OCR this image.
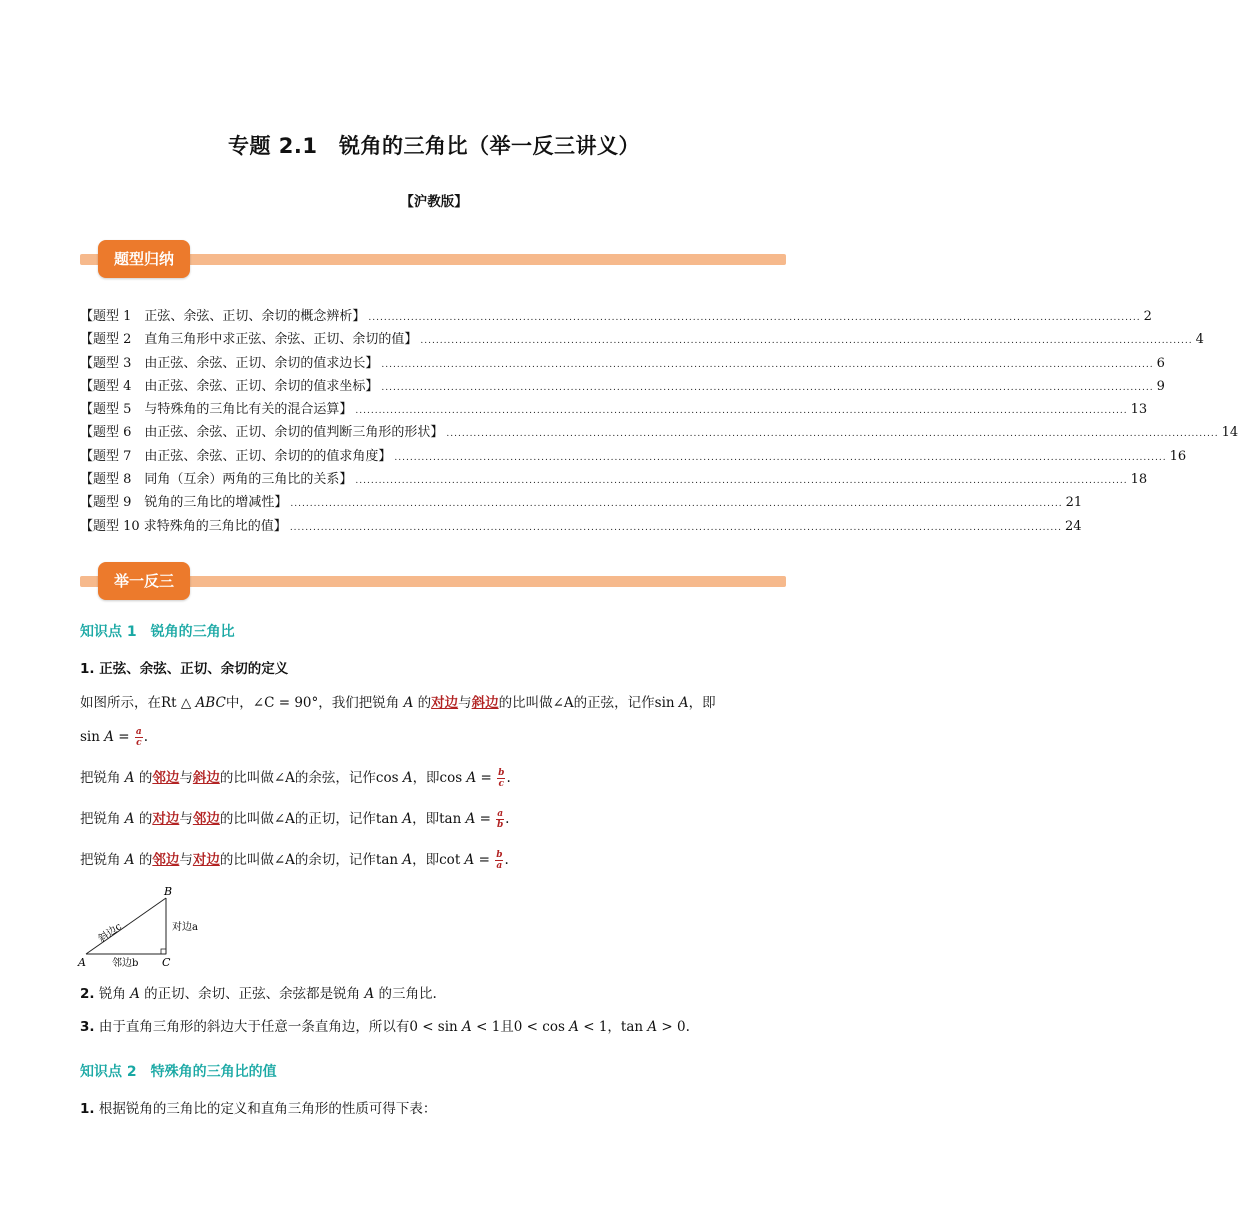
专题 2.1　锐角的三角比（举一反三讲义）
【沪教版】
题型归纳
【题型 1　正弦、余弦、正切、余切的概念辨析】 ........................................................................................................................................................................................................ 2
【题型 2　直角三角形中求正弦、余弦、正切、余切的值】 ........................................................................................................................................................................................................ 4
【题型 3　由正弦、余弦、正切、余切的值求边长】 ........................................................................................................................................................................................................ 6
【题型 4　由正弦、余弦、正切、余切的值求坐标】 ........................................................................................................................................................................................................ 9
【题型 5　与特殊角的三角比有关的混合运算】 ........................................................................................................................................................................................................ 13
【题型 6　由正弦、余弦、正切、余切的值判断三角形的形状】 ........................................................................................................................................................................................................ 14
【题型 7　由正弦、余弦、正切、余切的的值求角度】 ........................................................................................................................................................................................................ 16
【题型 8　同角（互余）两角的三角比的关系】 ........................................................................................................................................................................................................ 18
【题型 9　锐角的三角比的增减性】 ........................................................................................................................................................................................................ 21
【题型 10 求特殊角的三角比的值】 ........................................................................................................................................................................................................ 24
举一反三
知识点 1　锐角的三角比
1. 正弦、余弦、正切、余切的定义
如图所示，在Rt △ ABC中，∠C = 90°，我们把锐角 A 的对边与斜边的比叫做∠A的正弦，记作sin A，即
$\sin A = \frac{a}{c}$ .
把锐角 A 的邻边与斜边的比叫做∠A的余弦，记作cos A，即$\cos A = \frac{b}{c}$ .
把锐角 A 的对边与邻边的比叫做∠A的正切，记作tan A，即$\tan A = \frac{a}{b}$ .
把锐角 A 的邻边与对边的比叫做∠A的余切，记作tan A，即$\cot A = \frac{b}{a}$ .
B
A	C
对边a
邻边b
斜边c
2. 锐角 A 的正切、余切、正弦、余弦都是锐角 A 的三角比.
3. 由于直角三角形的斜边大于任意一条直角边，所以有0 < sin A < 1且0 < cos A < 1，tan A > 0.
知识点 2　特殊角的三角比的值
1. 根据锐角的三角比的定义和直角三角形的性质可得下表：
